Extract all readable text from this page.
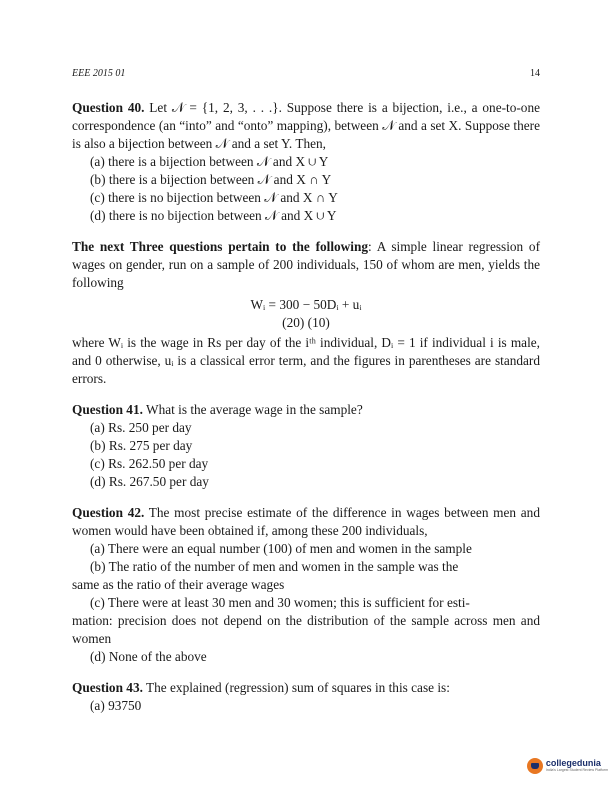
EEE 2015 01	14

Question 40. Let 𝒩 = {1, 2, 3, . . .}. Suppose there is a bijection, i.e., a one-to-one correspondence (an “into” and “onto” mapping), between 𝒩 and a set X. Suppose there is also a bijection between 𝒩 and a set Y. Then,

(a) there is a bijection between 𝒩 and X ∪ Y
(b) there is a bijection between 𝒩 and X ∩ Y
(c) there is no bijection between 𝒩 and X ∩ Y
(d) there is no bijection between 𝒩 and X ∪ Y

The next Three questions pertain to the following: A simple linear regression of wages on gender, run on a sample of 200 individuals, 150 of whom are men, yields the following

Wᵢ = 300 − 50Dᵢ + uᵢ
(20) (10)

where Wᵢ is the wage in Rs per day of the iᵗʰ individual, Dᵢ = 1 if individual i is male, and 0 otherwise, uᵢ is a classical error term, and the figures in parentheses are standard errors.

Question 41. What is the average wage in the sample?

(a) Rs. 250 per day
(b) Rs. 275 per day
(c) Rs. 262.50 per day
(d) Rs. 267.50 per day

Question 42. The most precise estimate of the difference in wages between men and women would have been obtained if, among these 200 individuals,

(a) There were an equal number (100) of men and women in the sample
(b) The ratio of the number of men and women in the sample was the
same as the ratio of their average wages
(c) There were at least 30 men and 30 women; this is sufficient for esti-
mation: precision does not depend on the distribution of the sample across men and women
(d) None of the above

Question 43. The explained (regression) sum of squares in this case is:

(a) 93750
collegedunia
India's Largest Student Review Platform
